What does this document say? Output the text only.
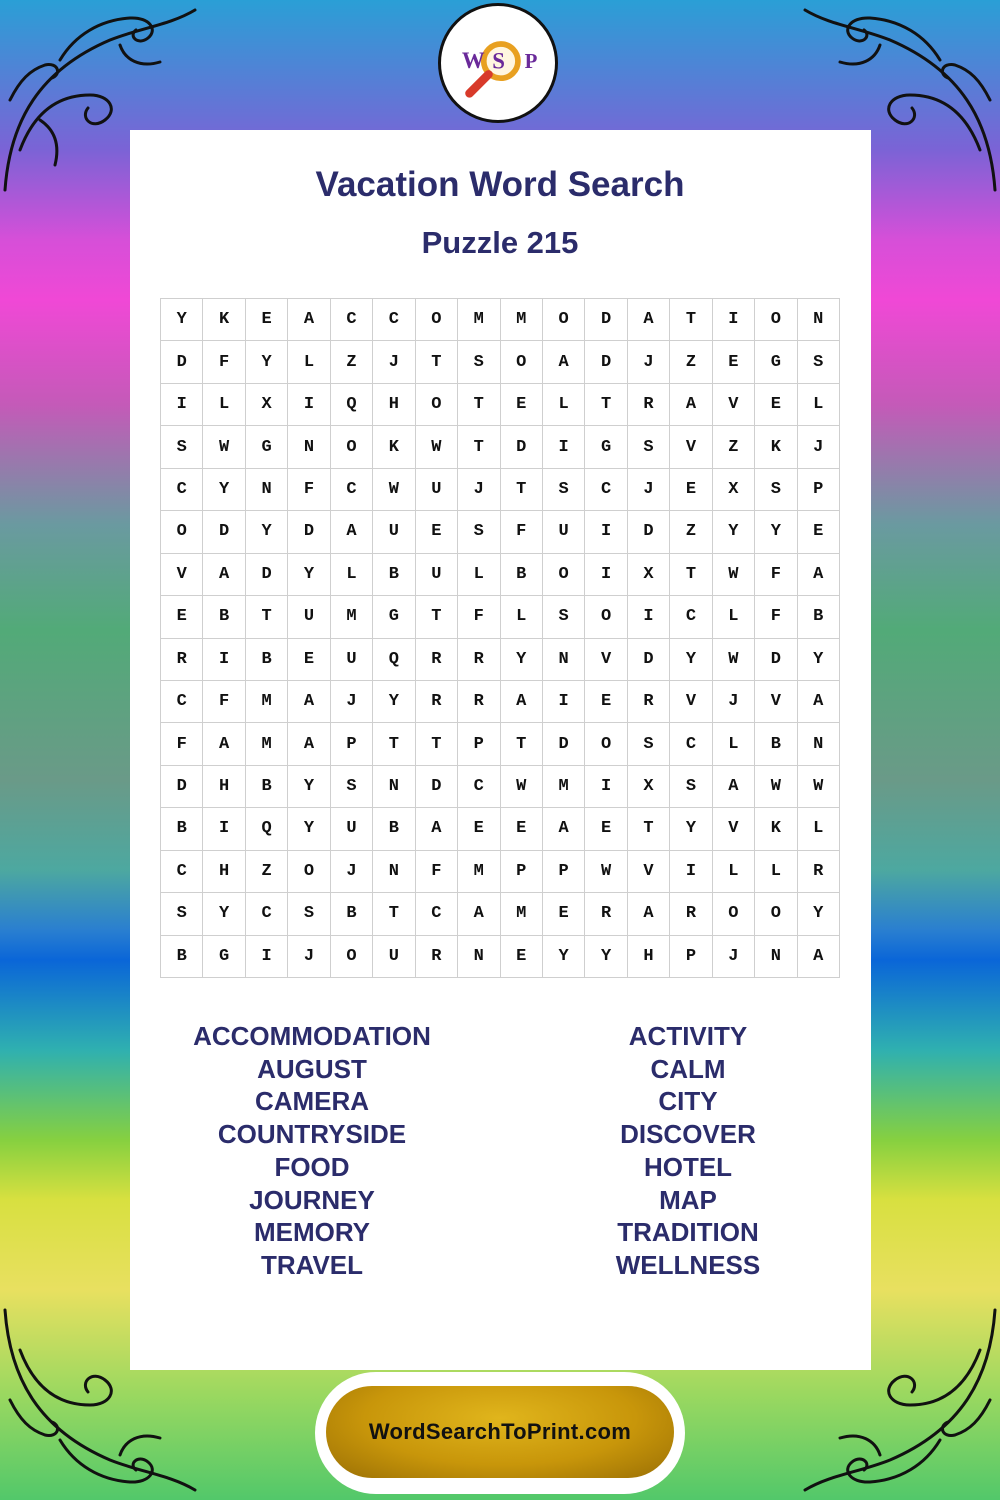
W S P
Vacation Word Search
Puzzle 215
Y	K	E	A	C	C	O	M	M	O	D	A	T	I	O	N
D	F	Y	L	Z	J	T	S	O	A	D	J	Z	E	G	S
I	L	X	I	Q	H	O	T	E	L	T	R	A	V	E	L
S	W	G	N	O	K	W	T	D	I	G	S	V	Z	K	J
C	Y	N	F	C	W	U	J	T	S	C	J	E	X	S	P
O	D	Y	D	A	U	E	S	F	U	I	D	Z	Y	Y	E
V	A	D	Y	L	B	U	L	B	O	I	X	T	W	F	A
E	B	T	U	M	G	T	F	L	S	O	I	C	L	F	B
R	I	B	E	U	Q	R	R	Y	N	V	D	Y	W	D	Y
C	F	M	A	J	Y	R	R	A	I	E	R	V	J	V	A
F	A	M	A	P	T	T	P	T	D	O	S	C	L	B	N
D	H	B	Y	S	N	D	C	W	M	I	X	S	A	W	W
B	I	Q	Y	U	B	A	E	E	A	E	T	Y	V	K	L
C	H	Z	O	J	N	F	M	P	P	W	V	I	L	L	R
S	Y	C	S	B	T	C	A	M	E	R	A	R	O	O	Y
B	G	I	J	O	U	R	N	E	Y	Y	H	P	J	N	A
ACCOMMODATION
AUGUST
CAMERA
COUNTRYSIDE
FOOD
JOURNEY
MEMORY
TRAVEL
ACTIVITY
CALM
CITY
DISCOVER
HOTEL
MAP
TRADITION
WELLNESS
WordSearchToPrint.com
